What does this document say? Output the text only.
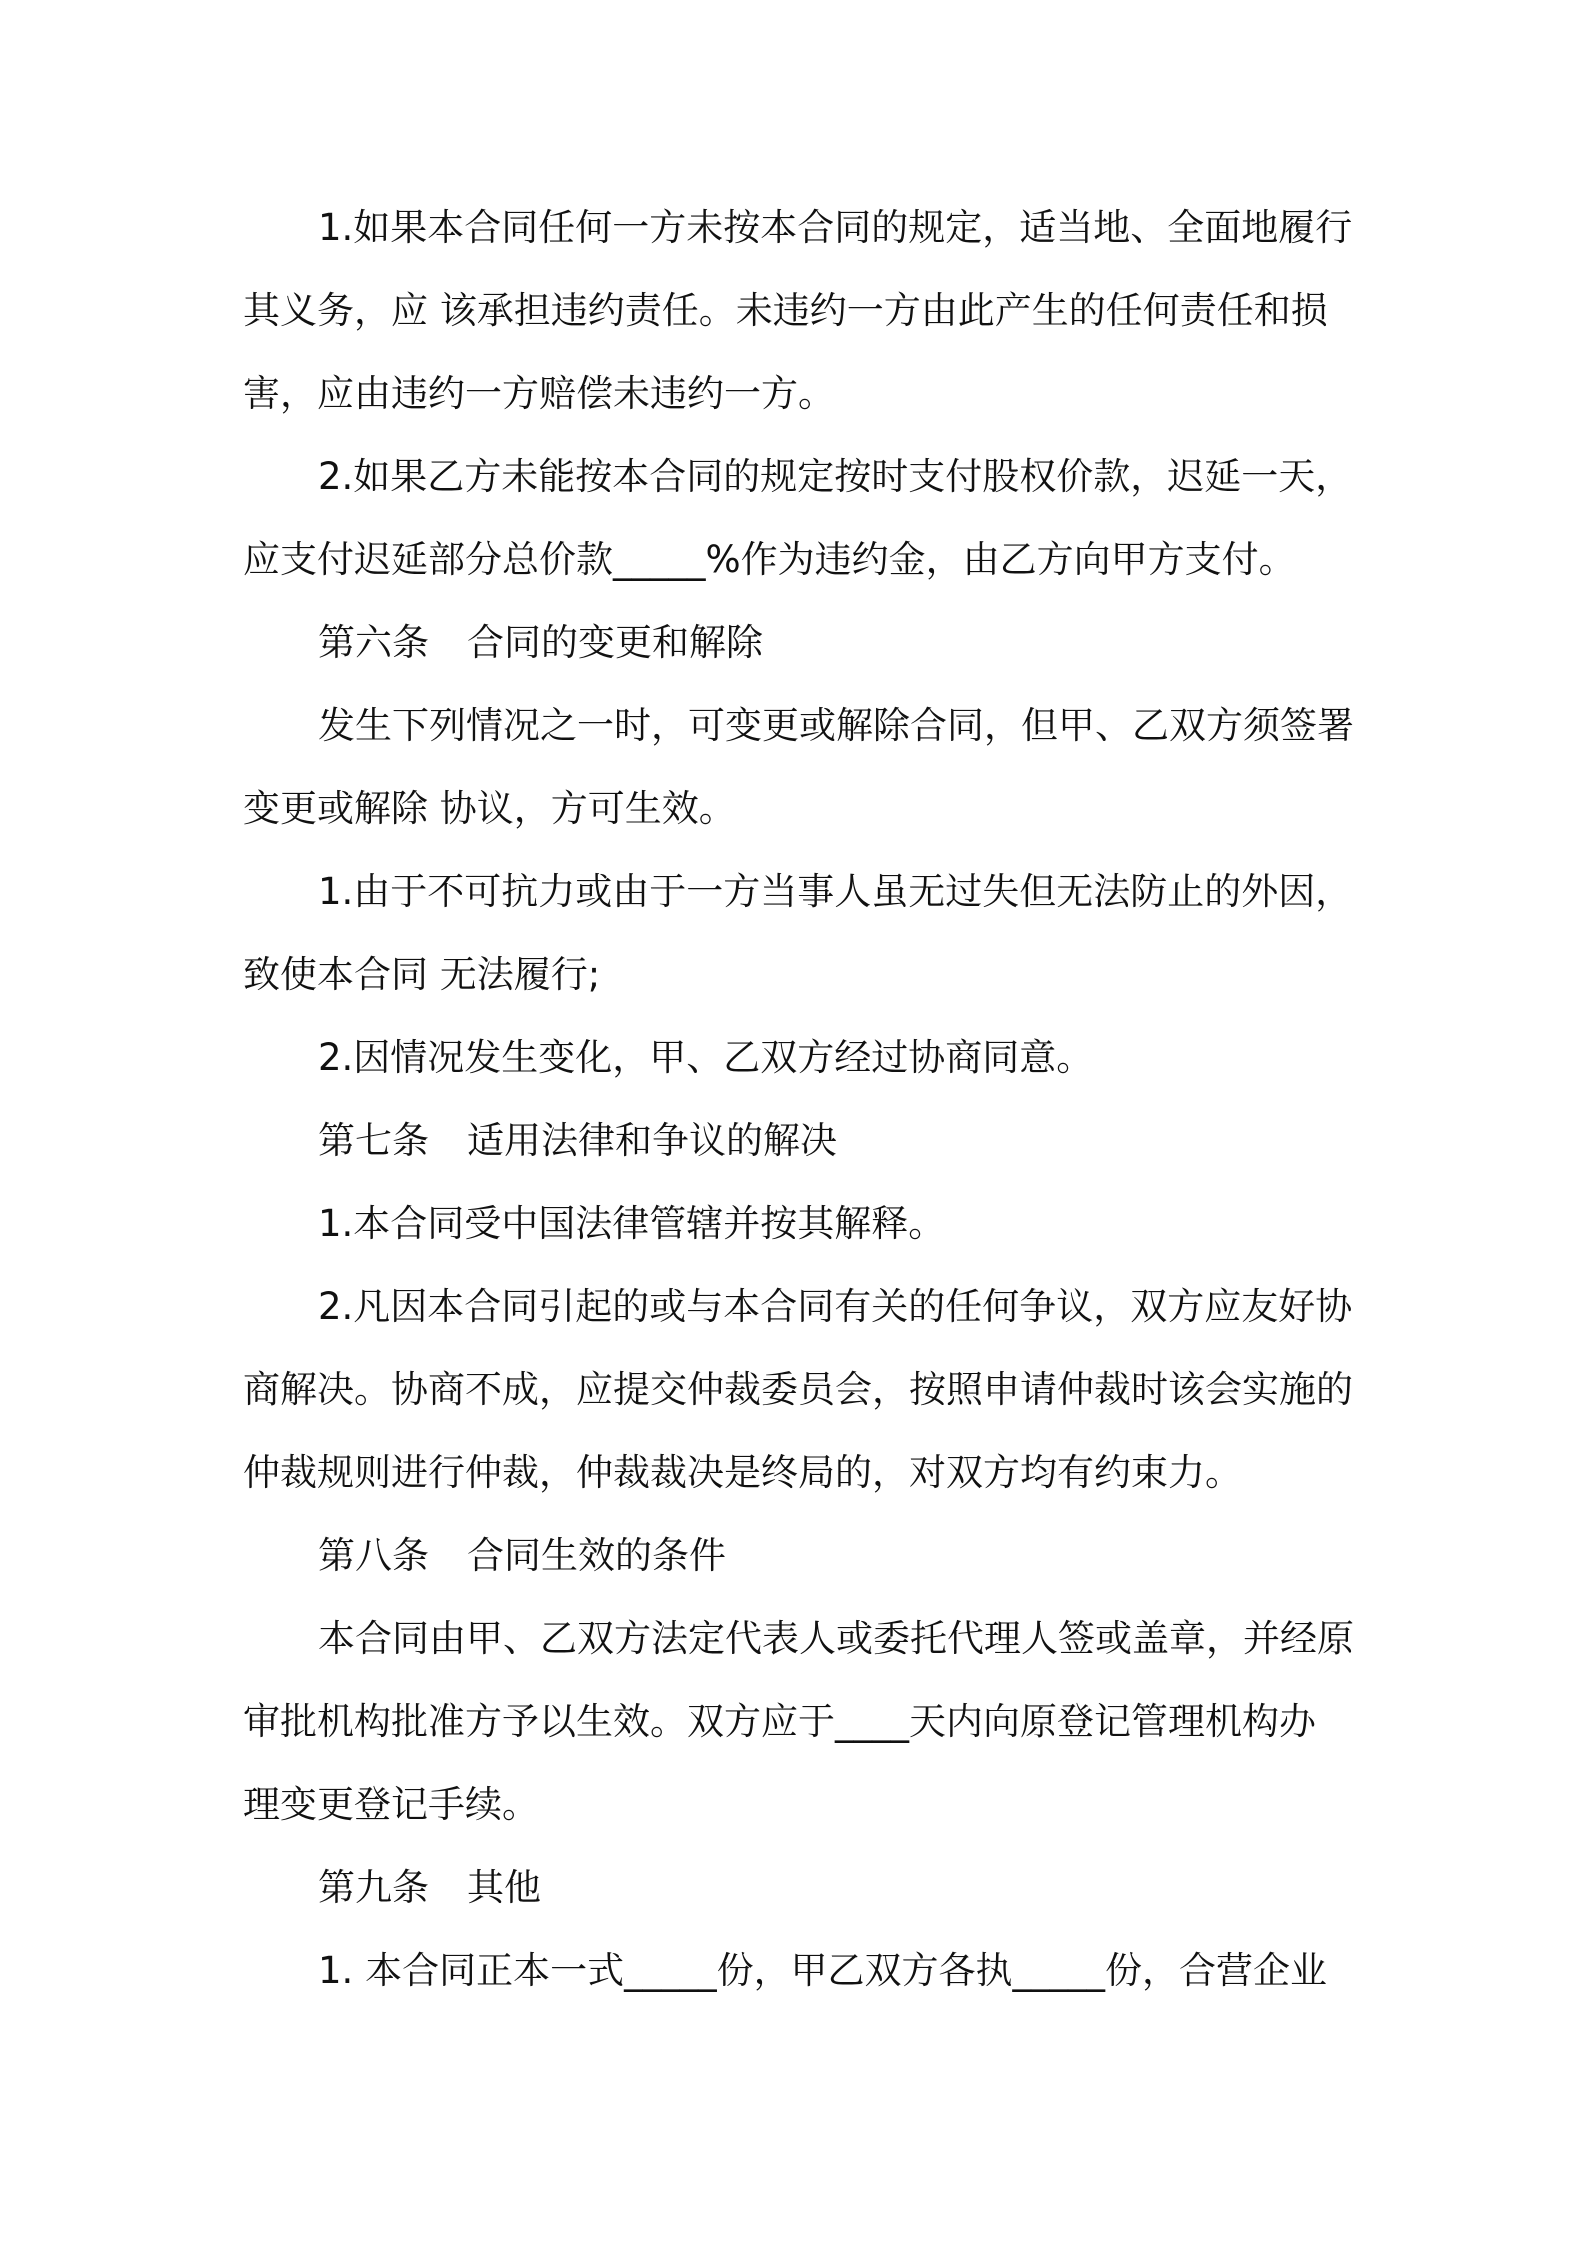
1.如果本合同任何一方未按本合同的规定，适当地、全面地履行
其义务，应 该承担违约责任。未违约一方由此产生的任何责任和损
害，应由违约一方赔偿未违约一方。
2.如果乙方未能按本合同的规定按时支付股权价款，迟延一天，
应支付迟延部分总价款_____%作为违约金，由乙方向甲方支付。
第六条 合同的变更和解除
发生下列情况之一时，可变更或解除合同，但甲、乙双方须签署
变更或解除 协议，方可生效。
1.由于不可抗力或由于一方当事人虽无过失但无法防止的外因，
致使本合同 无法履行;
2.因情况发生变化，甲、乙双方经过协商同意。
第七条 适用法律和争议的解决
1.本合同受中国法律管辖并按其解释。
2.凡因本合同引起的或与本合同有关的任何争议，双方应友好协
商解决。协商不成，应提交仲裁委员会，按照申请仲裁时该会实施的
仲裁规则进行仲裁，仲裁裁决是终局的，对双方均有约束力。
第八条 合同生效的条件
本合同由甲、乙双方法定代表人或委托代理人签或盖章，并经原
审批机构批准方予以生效。双方应于____天内向原登记管理机构办
理变更登记手续。
第九条 其他
1. 本合同正本一式_____份，甲乙双方各执_____份，合营企业
